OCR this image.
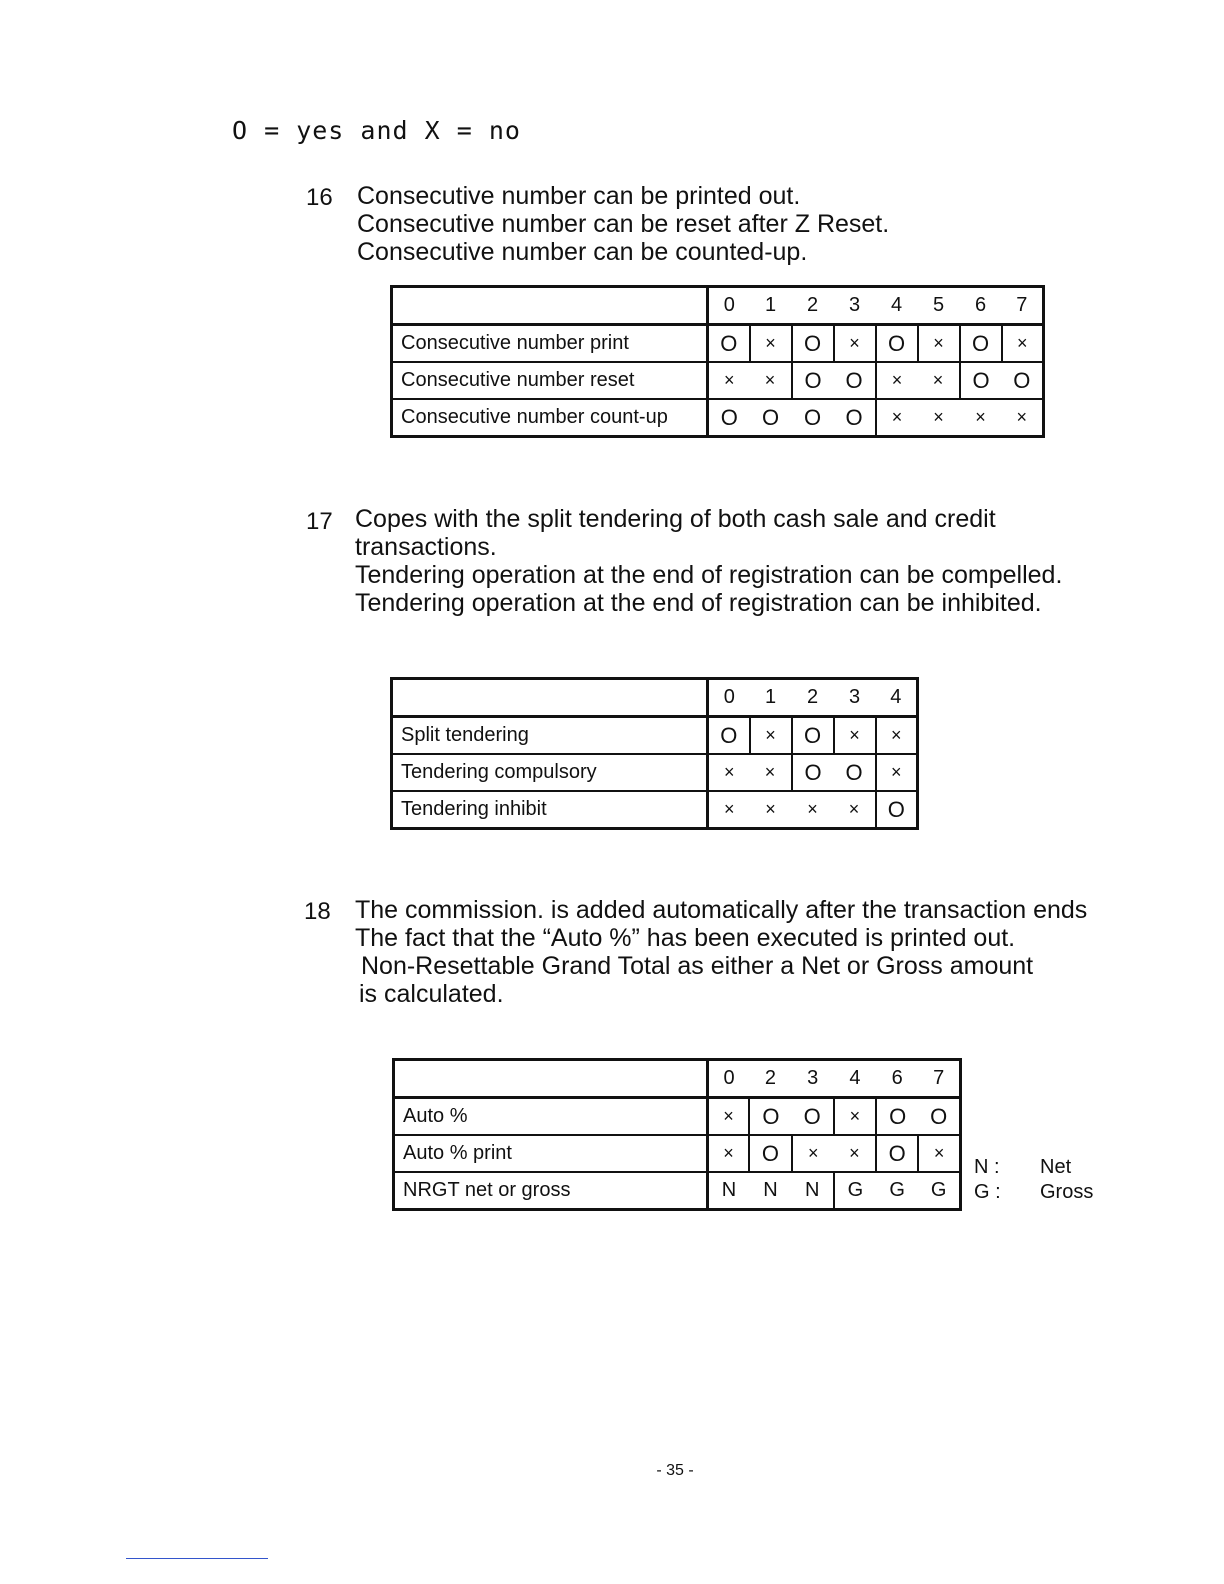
O = yes and X = no
16 Consecutive number can be printed out.
Consecutive number can be reset after Z Reset.
Consecutive number can be counted-up.
	0	1	2	3	4	5	6	7
Consecutive number print	O	×	O	×	O	×	O	×
Consecutive number reset	×	×	O	O	×	×	O	O
Consecutive number count-up	O	O	O	O	×	×	×	×
17 Copes with the split tendering of both cash sale and credit
transactions.
Tendering operation at the end of registration can be compelled.
Tendering operation at the end of registration can be inhibited.
	0	1	2	3	4
Split tendering	O	×	O	×	×
Tendering compulsory	×	×	O	O	×
Tendering inhibit	×	×	×	×	O
18 The commission. is added automatically after the transaction ends
The fact that the “Auto %” has been executed is printed out.
Non-Resettable Grand Total as either a Net or Gross amount
is calculated.
	0	2	3	4	6	7
Auto %	×	O	O	×	O	O
Auto % print	×	O	×	×	O	×
NRGT net or gross	N	N	N	G	G	G
N : Net
G : Gross
- 35 -
